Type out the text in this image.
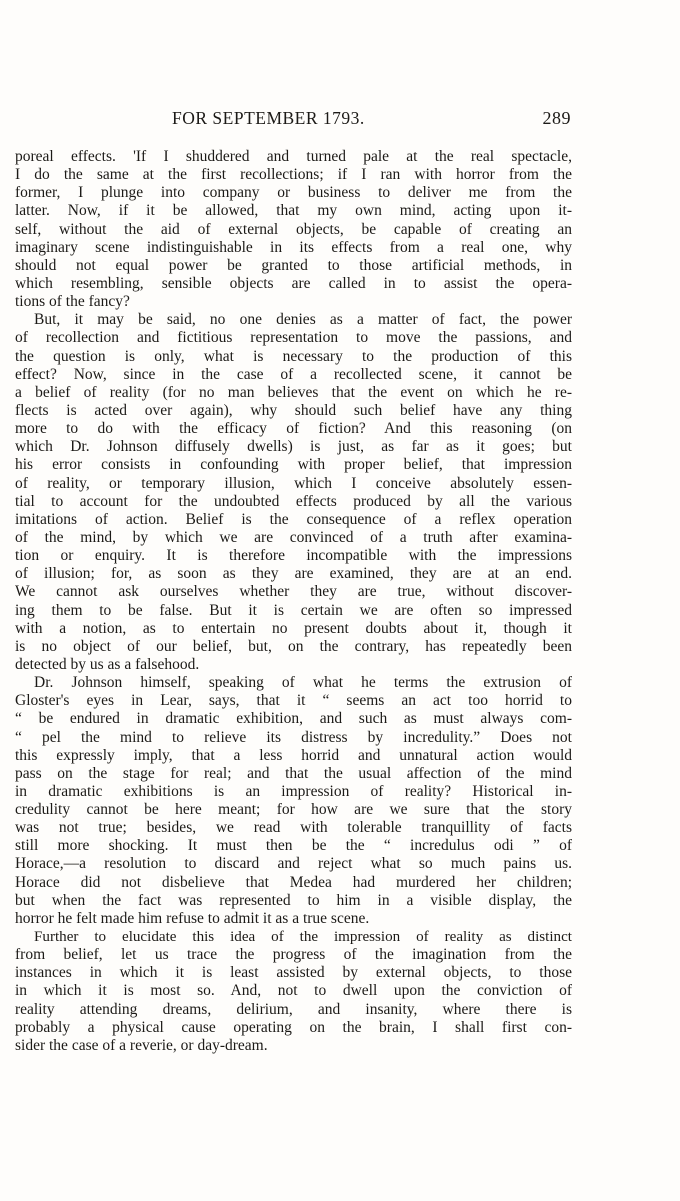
FOR SEPTEMBER 1793.	289
poreal effects. 'If I shuddered and turned pale at the real spectacle,
I do the same at the first recollections; if I ran with horror from the
former, I plunge into company or business to deliver me from the
latter. Now, if it be allowed, that my own mind, acting upon it-
self, without the aid of external objects, be capable of creating an
imaginary scene indistinguishable in its effects from a real one, why
should not equal power be granted to those artificial methods, in
which resembling, sensible objects are called in to assist the opera-
tions of the fancy?
But, it may be said, no one denies as a matter of fact, the power
of recollection and fictitious representation to move the passions, and
the question is only, what is necessary to the production of this
effect? Now, since in the case of a recollected scene, it cannot be
a belief of reality (for no man believes that the event on which he re-
flects is acted over again), why should such belief have any thing
more to do with the efficacy of fiction? And this reasoning (on
which Dr. Johnson diffusely dwells) is just, as far as it goes; but
his error consists in confounding with proper belief, that impression
of reality, or temporary illusion, which I conceive absolutely essen-
tial to account for the undoubted effects produced by all the various
imitations of action. Belief is the consequence of a reflex operation
of the mind, by which we are convinced of a truth after examina-
tion or enquiry. It is therefore incompatible with the impressions
of illusion; for, as soon as they are examined, they are at an end.
We cannot ask ourselves whether they are true, without discover-
ing them to be false. But it is certain we are often so impressed
with a notion, as to entertain no present doubts about it, though it
is no object of our belief, but, on the contrary, has repeatedly been
detected by us as a falsehood.
Dr. Johnson himself, speaking of what he terms the extrusion of
Gloster's eyes in Lear, says, that it “ seems an act too horrid to
“ be endured in dramatic exhibition, and such as must always com-
“ pel the mind to relieve its distress by incredulity.” Does not
this expressly imply, that a less horrid and unnatural action would
pass on the stage for real; and that the usual affection of the mind
in dramatic exhibitions is an impression of reality? Historical in-
credulity cannot be here meant; for how are we sure that the story
was not true; besides, we read with tolerable tranquillity of facts
still more shocking. It must then be the “ incredulus odi ” of
Horace,—a resolution to discard and reject what so much pains us.
Horace did not disbelieve that Medea had murdered her children;
but when the fact was represented to him in a visible display, the
horror he felt made him refuse to admit it as a true scene.
Further to elucidate this idea of the impression of reality as distinct
from belief, let us trace the progress of the imagination from the
instances in which it is least assisted by external objects, to those
in which it is most so. And, not to dwell upon the conviction of
reality attending dreams, delirium, and insanity, where there is
probably a physical cause operating on the brain, I shall first con-
sider the case of a reverie, or day-dream.
